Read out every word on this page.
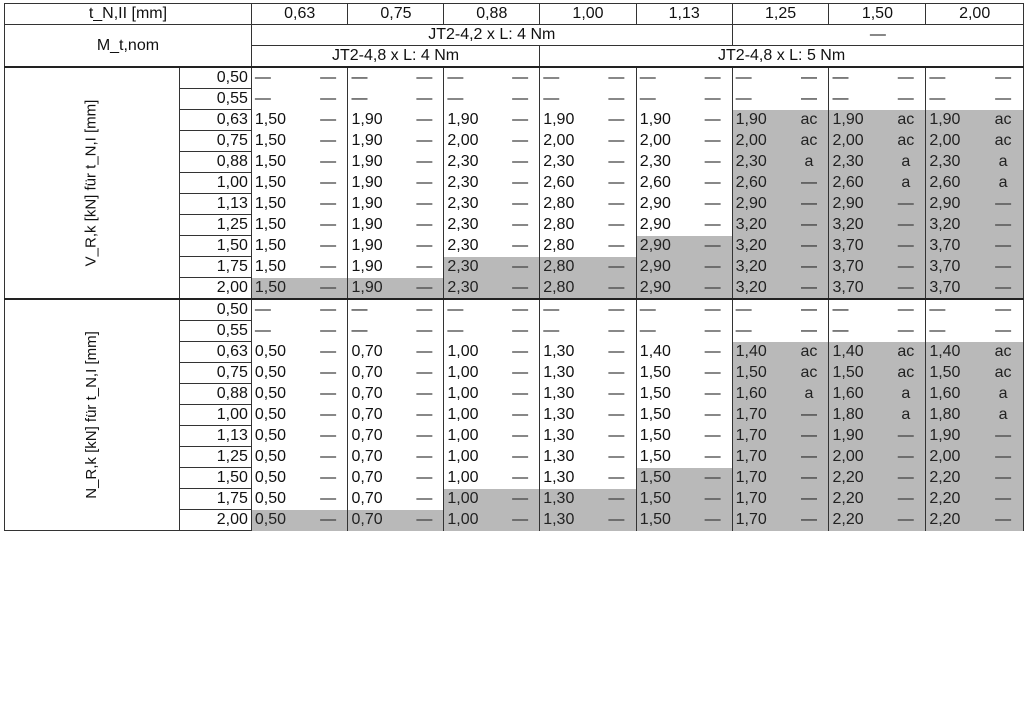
t_N,II [mm]		0,63		0,75		0,88		1,00		1,13		1,25		1,50		2,00	
M_t,nom		JT2-4,2 x L: 4 Nm										—					
		JT2-4,8 x L: 4 Nm						JT2-4,8 x L: 5 Nm									
V_R,k [kN] für t_N,I [mm]	0,50	—	—	—	—	—	—	—	—	—	—	—	—	—	—	—	—
	0,55	—	—	—	—	—	—	—	—	—	—	—	—	—	—	—	—
	0,63	1,50	—	1,90	—	1,90	—	1,90	—	1,90	—	1,90	ac	1,90	ac	1,90	ac
	0,75	1,50	—	1,90	—	2,00	—	2,00	—	2,00	—	2,00	ac	2,00	ac	2,00	ac
	0,88	1,50	—	1,90	—	2,30	—	2,30	—	2,30	—	2,30	a	2,30	a	2,30	a
	1,00	1,50	—	1,90	—	2,30	—	2,60	—	2,60	—	2,60	—	2,60	a	2,60	a
	1,13	1,50	—	1,90	—	2,30	—	2,80	—	2,90	—	2,90	—	2,90	—	2,90	—
	1,25	1,50	—	1,90	—	2,30	—	2,80	—	2,90	—	3,20	—	3,20	—	3,20	—
	1,50	1,50	—	1,90	—	2,30	—	2,80	—	2,90	—	3,20	—	3,70	—	3,70	—
	1,75	1,50	—	1,90	—	2,30	—	2,80	—	2,90	—	3,20	—	3,70	—	3,70	—
	2,00	1,50	—	1,90	—	2,30	—	2,80	—	2,90	—	3,20	—	3,70	—	3,70	—
N_R,k [kN] für t_N,I [mm]	0,50	—	—	—	—	—	—	—	—	—	—	—	—	—	—	—	—
	0,55	—	—	—	—	—	—	—	—	—	—	—	—	—	—	—	—
	0,63	0,50	—	0,70	—	1,00	—	1,30	—	1,40	—	1,40	ac	1,40	ac	1,40	ac
	0,75	0,50	—	0,70	—	1,00	—	1,30	—	1,50	—	1,50	ac	1,50	ac	1,50	ac
	0,88	0,50	—	0,70	—	1,00	—	1,30	—	1,50	—	1,60	a	1,60	a	1,60	a
	1,00	0,50	—	0,70	—	1,00	—	1,30	—	1,50	—	1,70	—	1,80	a	1,80	a
	1,13	0,50	—	0,70	—	1,00	—	1,30	—	1,50	—	1,70	—	1,90	—	1,90	—
	1,25	0,50	—	0,70	—	1,00	—	1,30	—	1,50	—	1,70	—	2,00	—	2,00	—
	1,50	0,50	—	0,70	—	1,00	—	1,30	—	1,50	—	1,70	—	2,20	—	2,20	—
	1,75	0,50	—	0,70	—	1,00	—	1,30	—	1,50	—	1,70	—	2,20	—	2,20	—
	2,00	0,50	—	0,70	—	1,00	—	1,30	—	1,50	—	1,70	—	2,20	—	2,20	—
